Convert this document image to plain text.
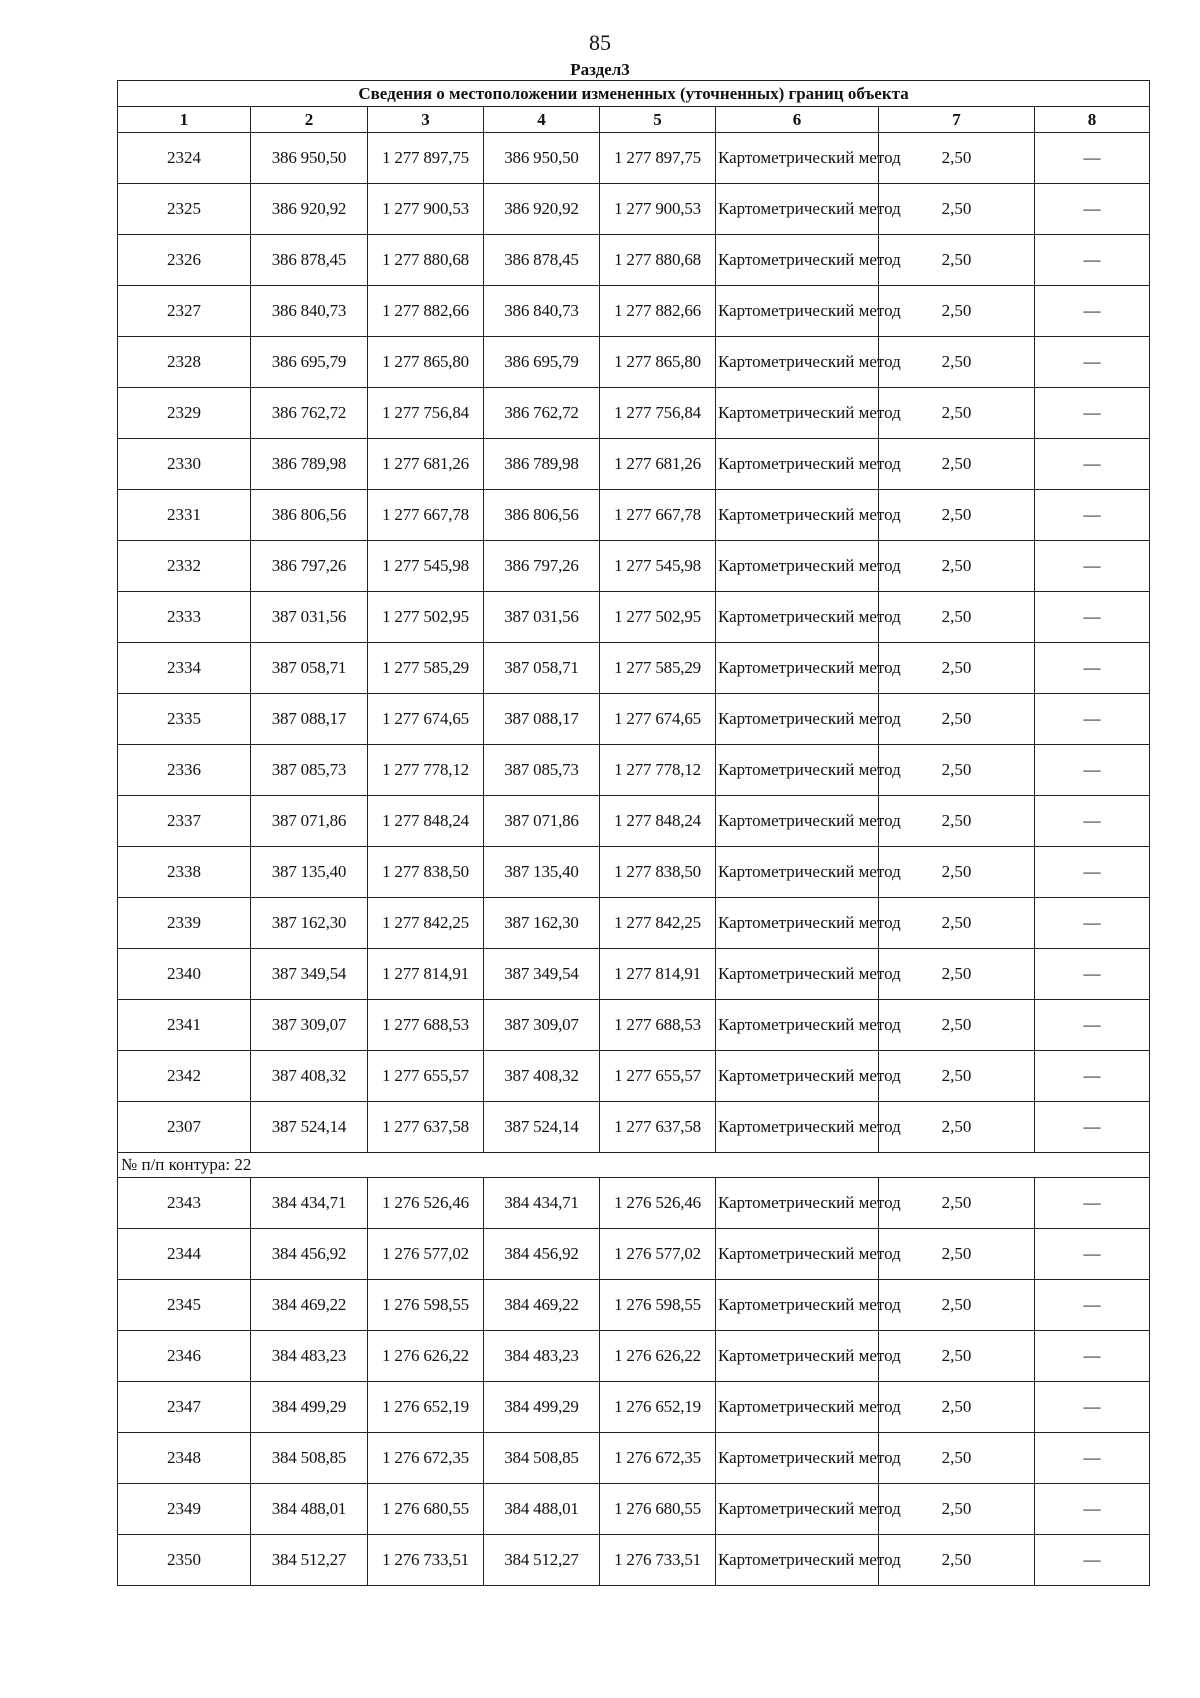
85
Раздел3
Сведения о местоположении измененных (уточненных) границ объекта							
1	2	3	4	5	6	7	8
2324	386 950,50	1 277 897,75	386 950,50	1 277 897,75	Картометрический метод	2,50	—
2325	386 920,92	1 277 900,53	386 920,92	1 277 900,53	Картометрический метод	2,50	—
2326	386 878,45	1 277 880,68	386 878,45	1 277 880,68	Картометрический метод	2,50	—
2327	386 840,73	1 277 882,66	386 840,73	1 277 882,66	Картометрический метод	2,50	—
2328	386 695,79	1 277 865,80	386 695,79	1 277 865,80	Картометрический метод	2,50	—
2329	386 762,72	1 277 756,84	386 762,72	1 277 756,84	Картометрический метод	2,50	—
2330	386 789,98	1 277 681,26	386 789,98	1 277 681,26	Картометрический метод	2,50	—
2331	386 806,56	1 277 667,78	386 806,56	1 277 667,78	Картометрический метод	2,50	—
2332	386 797,26	1 277 545,98	386 797,26	1 277 545,98	Картометрический метод	2,50	—
2333	387 031,56	1 277 502,95	387 031,56	1 277 502,95	Картометрический метод	2,50	—
2334	387 058,71	1 277 585,29	387 058,71	1 277 585,29	Картометрический метод	2,50	—
2335	387 088,17	1 277 674,65	387 088,17	1 277 674,65	Картометрический метод	2,50	—
2336	387 085,73	1 277 778,12	387 085,73	1 277 778,12	Картометрический метод	2,50	—
2337	387 071,86	1 277 848,24	387 071,86	1 277 848,24	Картометрический метод	2,50	—
2338	387 135,40	1 277 838,50	387 135,40	1 277 838,50	Картометрический метод	2,50	—
2339	387 162,30	1 277 842,25	387 162,30	1 277 842,25	Картометрический метод	2,50	—
2340	387 349,54	1 277 814,91	387 349,54	1 277 814,91	Картометрический метод	2,50	—
2341	387 309,07	1 277 688,53	387 309,07	1 277 688,53	Картометрический метод	2,50	—
2342	387 408,32	1 277 655,57	387 408,32	1 277 655,57	Картометрический метод	2,50	—
2307	387 524,14	1 277 637,58	387 524,14	1 277 637,58	Картометрический метод	2,50	—
№ п/п контура: 22							
2343	384 434,71	1 276 526,46	384 434,71	1 276 526,46	Картометрический метод	2,50	—
2344	384 456,92	1 276 577,02	384 456,92	1 276 577,02	Картометрический метод	2,50	—
2345	384 469,22	1 276 598,55	384 469,22	1 276 598,55	Картометрический метод	2,50	—
2346	384 483,23	1 276 626,22	384 483,23	1 276 626,22	Картометрический метод	2,50	—
2347	384 499,29	1 276 652,19	384 499,29	1 276 652,19	Картометрический метод	2,50	—
2348	384 508,85	1 276 672,35	384 508,85	1 276 672,35	Картометрический метод	2,50	—
2349	384 488,01	1 276 680,55	384 488,01	1 276 680,55	Картометрический метод	2,50	—
2350	384 512,27	1 276 733,51	384 512,27	1 276 733,51	Картометрический метод	2,50	—
